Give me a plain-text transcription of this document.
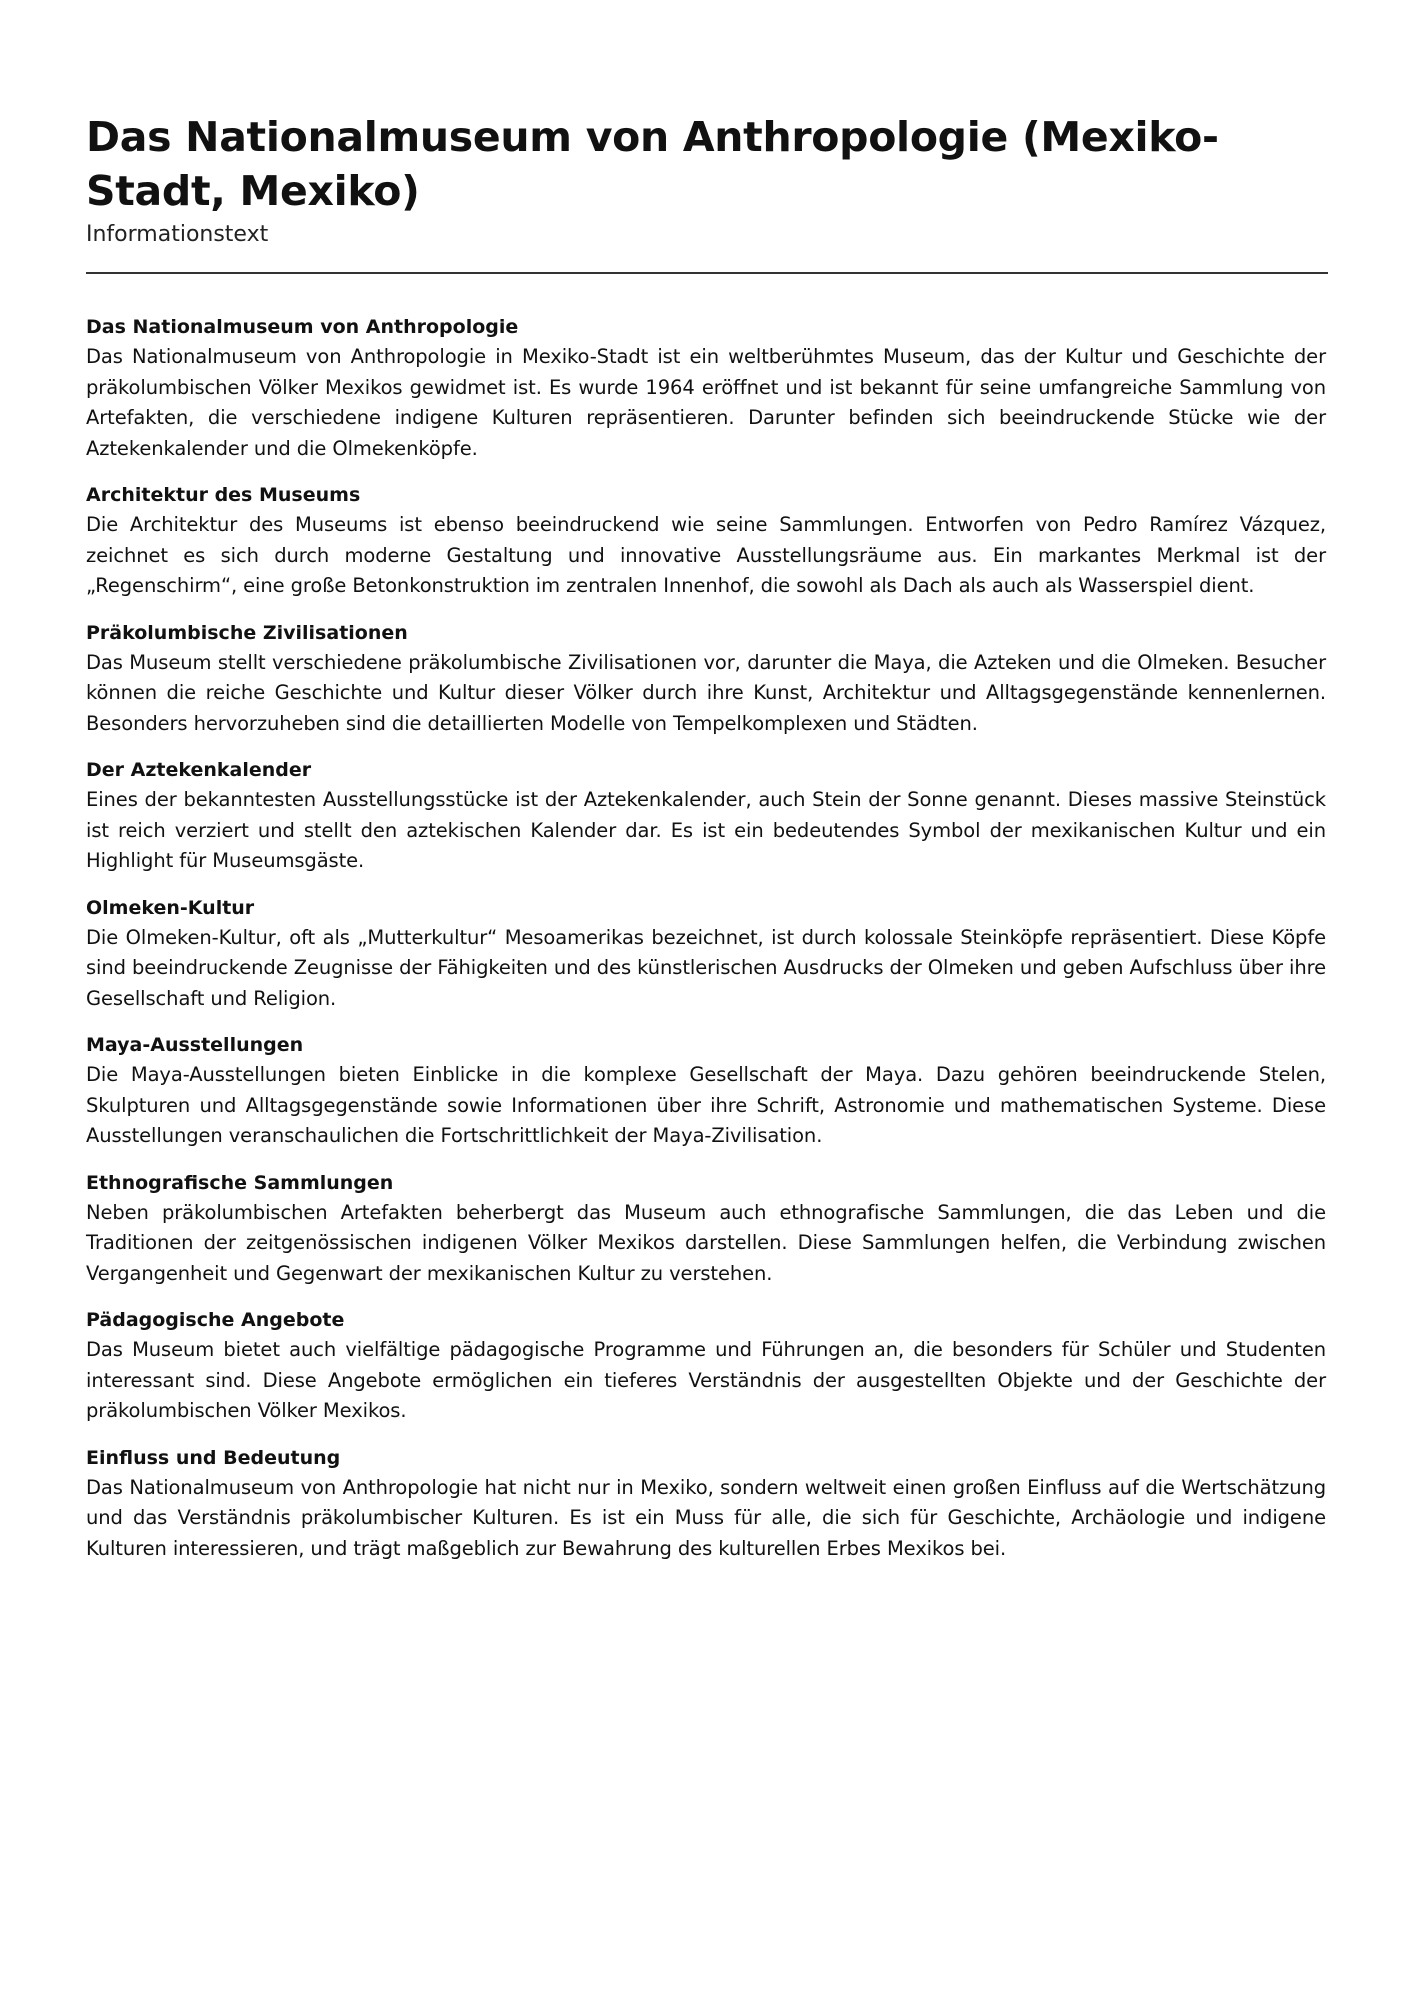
Das Nationalmuseum von Anthropologie (Mexiko-Stadt, Mexiko)
Informationstext
Das Nationalmuseum von Anthropologie

Das Nationalmuseum von Anthropologie in Mexiko-Stadt ist ein weltberühmtes Museum, das der Kultur und Geschichte der präkolumbischen Völker Mexikos gewidmet ist. Es wurde 1964 eröffnet und ist bekannt für seine umfangreiche Sammlung von Artefakten, die verschiedene indigene Kulturen repräsentieren. Darunter befinden sich beeindruckende Stücke wie der Aztekenkalender und die Olmekenköpfe.

Architektur des Museums

Die Architektur des Museums ist ebenso beeindruckend wie seine Sammlungen. Entworfen von Pedro Ramírez Vázquez, zeichnet es sich durch moderne Gestaltung und innovative Ausstellungsräume aus. Ein markantes Merkmal ist der „Regenschirm“, eine große Betonkonstruktion im zentralen Innenhof, die sowohl als Dach als auch als Wasserspiel dient.

Präkolumbische Zivilisationen

Das Museum stellt verschiedene präkolumbische Zivilisationen vor, darunter die Maya, die Azteken und die Olmeken. Besucher können die reiche Geschichte und Kultur dieser Völker durch ihre Kunst, Architektur und Alltagsgegenstände kennenlernen. Besonders hervorzuheben sind die detaillierten Modelle von Tempelkomplexen und Städten.

Der Aztekenkalender

Eines der bekanntesten Ausstellungsstücke ist der Aztekenkalender, auch Stein der Sonne genannt. Dieses massive Steinstück ist reich verziert und stellt den aztekischen Kalender dar. Es ist ein bedeutendes Symbol der mexikanischen Kultur und ein Highlight für Museumsgäste.

Olmeken-Kultur

Die Olmeken-Kultur, oft als „Mutterkultur“ Mesoamerikas bezeichnet, ist durch kolossale Steinköpfe repräsentiert. Diese Köpfe sind beeindruckende Zeugnisse der Fähigkeiten und des künstlerischen Ausdrucks der Olmeken und geben Aufschluss über ihre Gesellschaft und Religion.

Maya-Ausstellungen

Die Maya-Ausstellungen bieten Einblicke in die komplexe Gesellschaft der Maya. Dazu gehören beeindruckende Stelen, Skulpturen und Alltagsgegenstände sowie Informationen über ihre Schrift, Astronomie und mathematischen Systeme. Diese Ausstellungen veranschaulichen die Fortschrittlichkeit der Maya-Zivilisation.

Ethnografische Sammlungen

Neben präkolumbischen Artefakten beherbergt das Museum auch ethnografische Sammlungen, die das Leben und die Traditionen der zeitgenössischen indigenen Völker Mexikos darstellen. Diese Sammlungen helfen, die Verbindung zwischen Vergangenheit und Gegenwart der mexikanischen Kultur zu verstehen.

Pädagogische Angebote

Das Museum bietet auch vielfältige pädagogische Programme und Führungen an, die besonders für Schüler und Studenten interessant sind. Diese Angebote ermöglichen ein tieferes Verständnis der ausgestellten Objekte und der Geschichte der präkolumbischen Völker Mexikos.

Einfluss und Bedeutung

Das Nationalmuseum von Anthropologie hat nicht nur in Mexiko, sondern weltweit einen großen Einfluss auf die Wertschätzung und das Verständnis präkolumbischer Kulturen. Es ist ein Muss für alle, die sich für Geschichte, Archäologie und indigene Kulturen interessieren, und trägt maßgeblich zur Bewahrung des kulturellen Erbes Mexikos bei.
